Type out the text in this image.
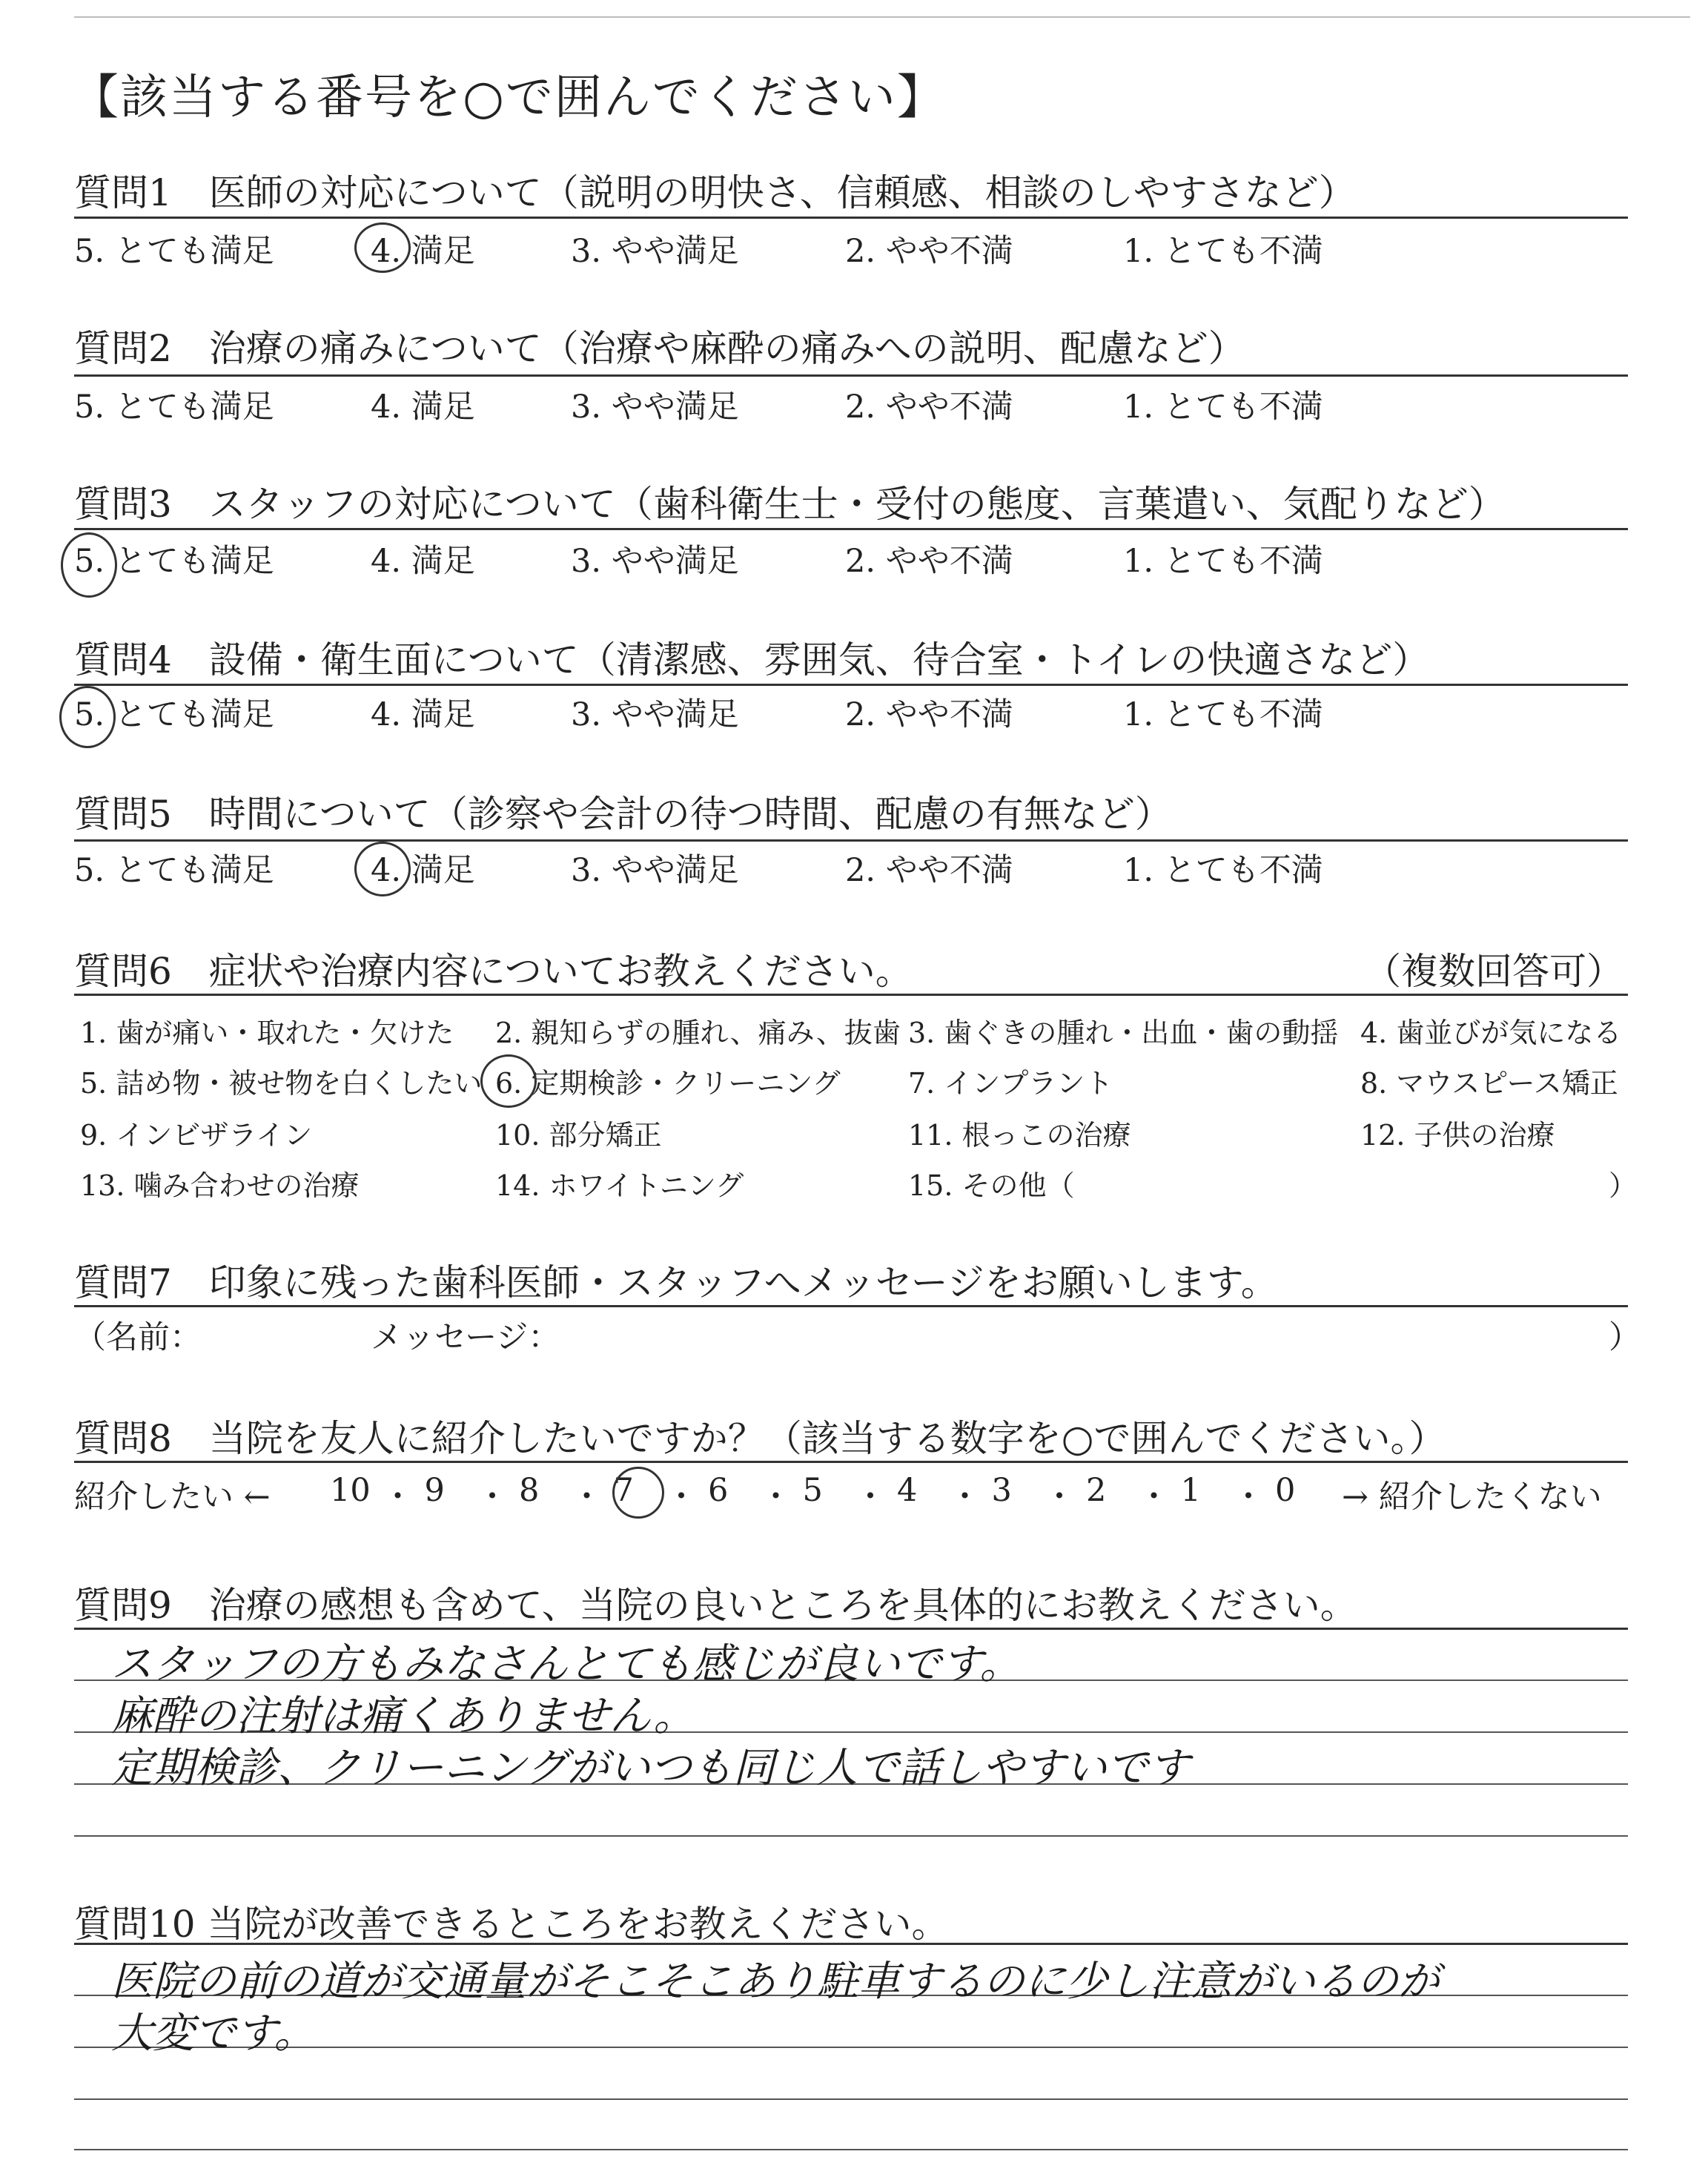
【該当する番号を○で囲んでください】
質問1　医師の対応について（説明の明快さ、信頼感、相談のしやすさなど）
5. とても満足	4. 満足	3. やや満足	2. やや不満	1. とても不満
質問2　治療の痛みについて（治療や麻酔の痛みへの説明、配慮など）
5. とても満足	4. 満足	3. やや満足	2. やや不満	1. とても不満
質問3　スタッフの対応について（歯科衛生士・受付の態度、言葉遣い、気配りなど）
5. とても満足	4. 満足	3. やや満足	2. やや不満	1. とても不満
質問4　設備・衛生面について（清潔感、雰囲気、待合室・トイレの快適さなど）
5. とても満足	4. 満足	3. やや満足	2. やや不満	1. とても不満
質問5　時間について（診察や会計の待つ時間、配慮の有無など）
5. とても満足	4. 満足	3. やや満足	2. やや不満	1. とても不満
質問6　症状や治療内容についてお教えください。	（複数回答可）
1. 歯が痛い・取れた・欠けた 2. 親知らずの腫れ、痛み、抜歯 3. 歯ぐきの腫れ・出血・歯の動揺 4. 歯並びが気になる
5. 詰め物・被せ物を白くしたい 6. 定期検診・クリーニング 7. インプラント	8. マウスピース矯正
9. インビザライン	10. 部分矯正	11. 根っこの治療	12. 子供の治療
13. 噛み合わせの治療	14. ホワイトニング	15. その他（	）
質問7　印象に残った歯科医師・スタッフへメッセージをお願いします。
（名前：	メッセージ：	）
質問8　当院を友人に紹介したいですか？（該当する数字を○で囲んでください。）
紹介したい ← 10 ・ 9 ・ 8 ・ 7 ・ 6 ・ 5 ・ 4 ・ 3 ・ 2 ・ 1 ・ 0 → 紹介したくない
質問9　治療の感想も含めて、当院の良いところを具体的にお教えください。
スタッフの方もみなさんとても感じが良いです。
麻酔の注射は痛くありません。
定期検診、クリーニングがいつも同じ人で話しやすいです
質問10 当院が改善できるところをお教えください。
医院の前の道が交通量がそこそこあり駐車するのに少し注意がいるのが
大変です。
